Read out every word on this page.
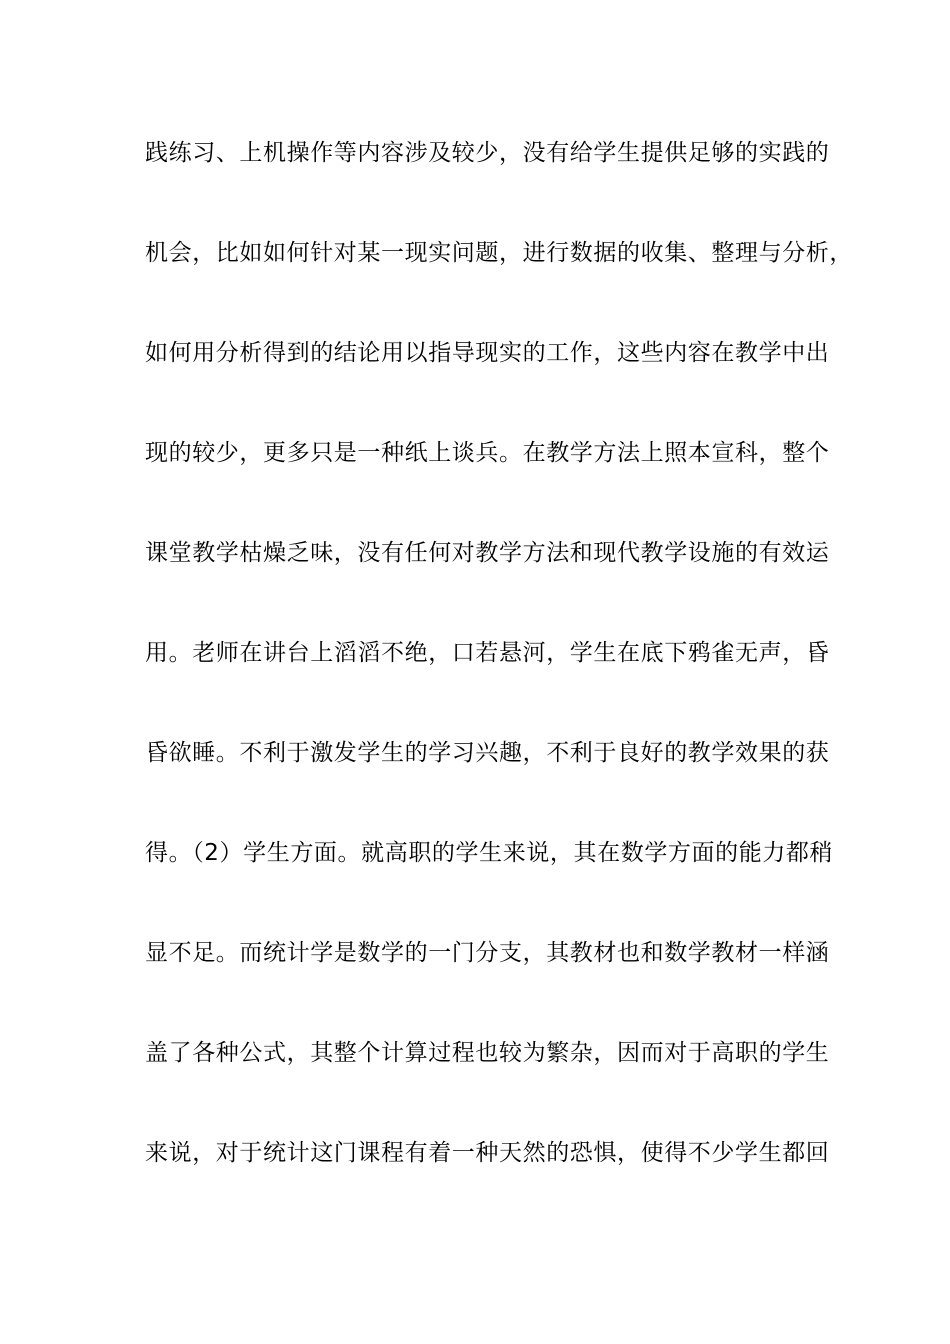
践练习、上机操作等内容涉及较少，没有给学生提供足够的实践的
机会，比如如何针对某一现实问题，进行数据的收集、整理与分析，
如何用分析得到的结论用以指导现实的工作，这些内容在教学中出
现的较少，更多只是一种纸上谈兵。在教学方法上照本宣科，整个
课堂教学枯燥乏味，没有任何对教学方法和现代教学设施的有效运
用。老师在讲台上滔滔不绝，口若悬河，学生在底下鸦雀无声，昏
昏欲睡。不利于激发学生的学习兴趣，不利于良好的教学效果的获
得。（2）学生方面。就高职的学生来说，其在数学方面的能力都稍
显不足。而统计学是数学的一门分支，其教材也和数学教材一样涵
盖了各种公式，其整个计算过程也较为繁杂，因而对于高职的学生
来说，对于统计这门课程有着一种天然的恐惧，使得不少学生都回
